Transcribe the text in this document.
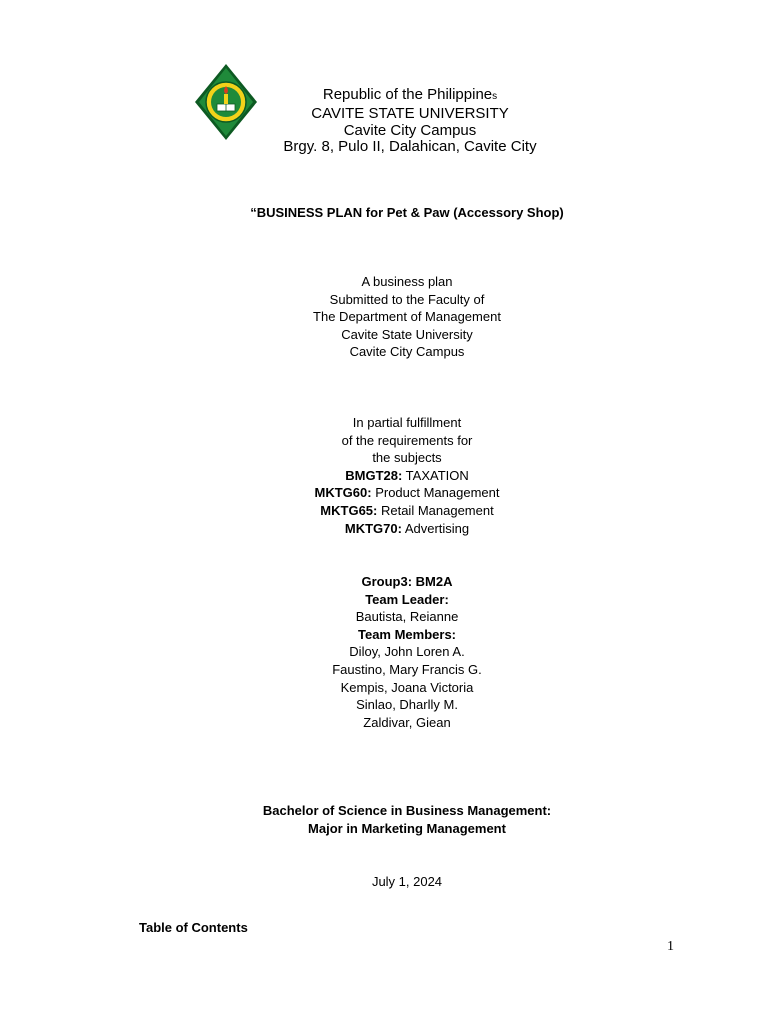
Republic of the Philippines

CAVITE STATE UNIVERSITY

Cavite City Campus

Brgy. 8, Pulo II, Dalahican, Cavite City

“BUSINESS PLAN for Pet & Paw (Accessory Shop)

A business plan

Submitted to the Faculty of

The Department of Management

Cavite State University

Cavite City Campus

In partial fulfillment

of the requirements for

the subjects

BMGT28: TAXATION

MKTG60: Product Management

MKTG65: Retail Management

MKTG70: Advertising

Group3: BM2A

Team Leader:

Bautista, Reianne

Team Members:

Diloy, John Loren A.

Faustino, Mary Francis G.

Kempis, Joana Victoria

Sinlao, Dharlly M.

Zaldivar, Giean

Bachelor of Science in Business Management:

Major in Marketing Management

July 1, 2024

Table of Contents
1
